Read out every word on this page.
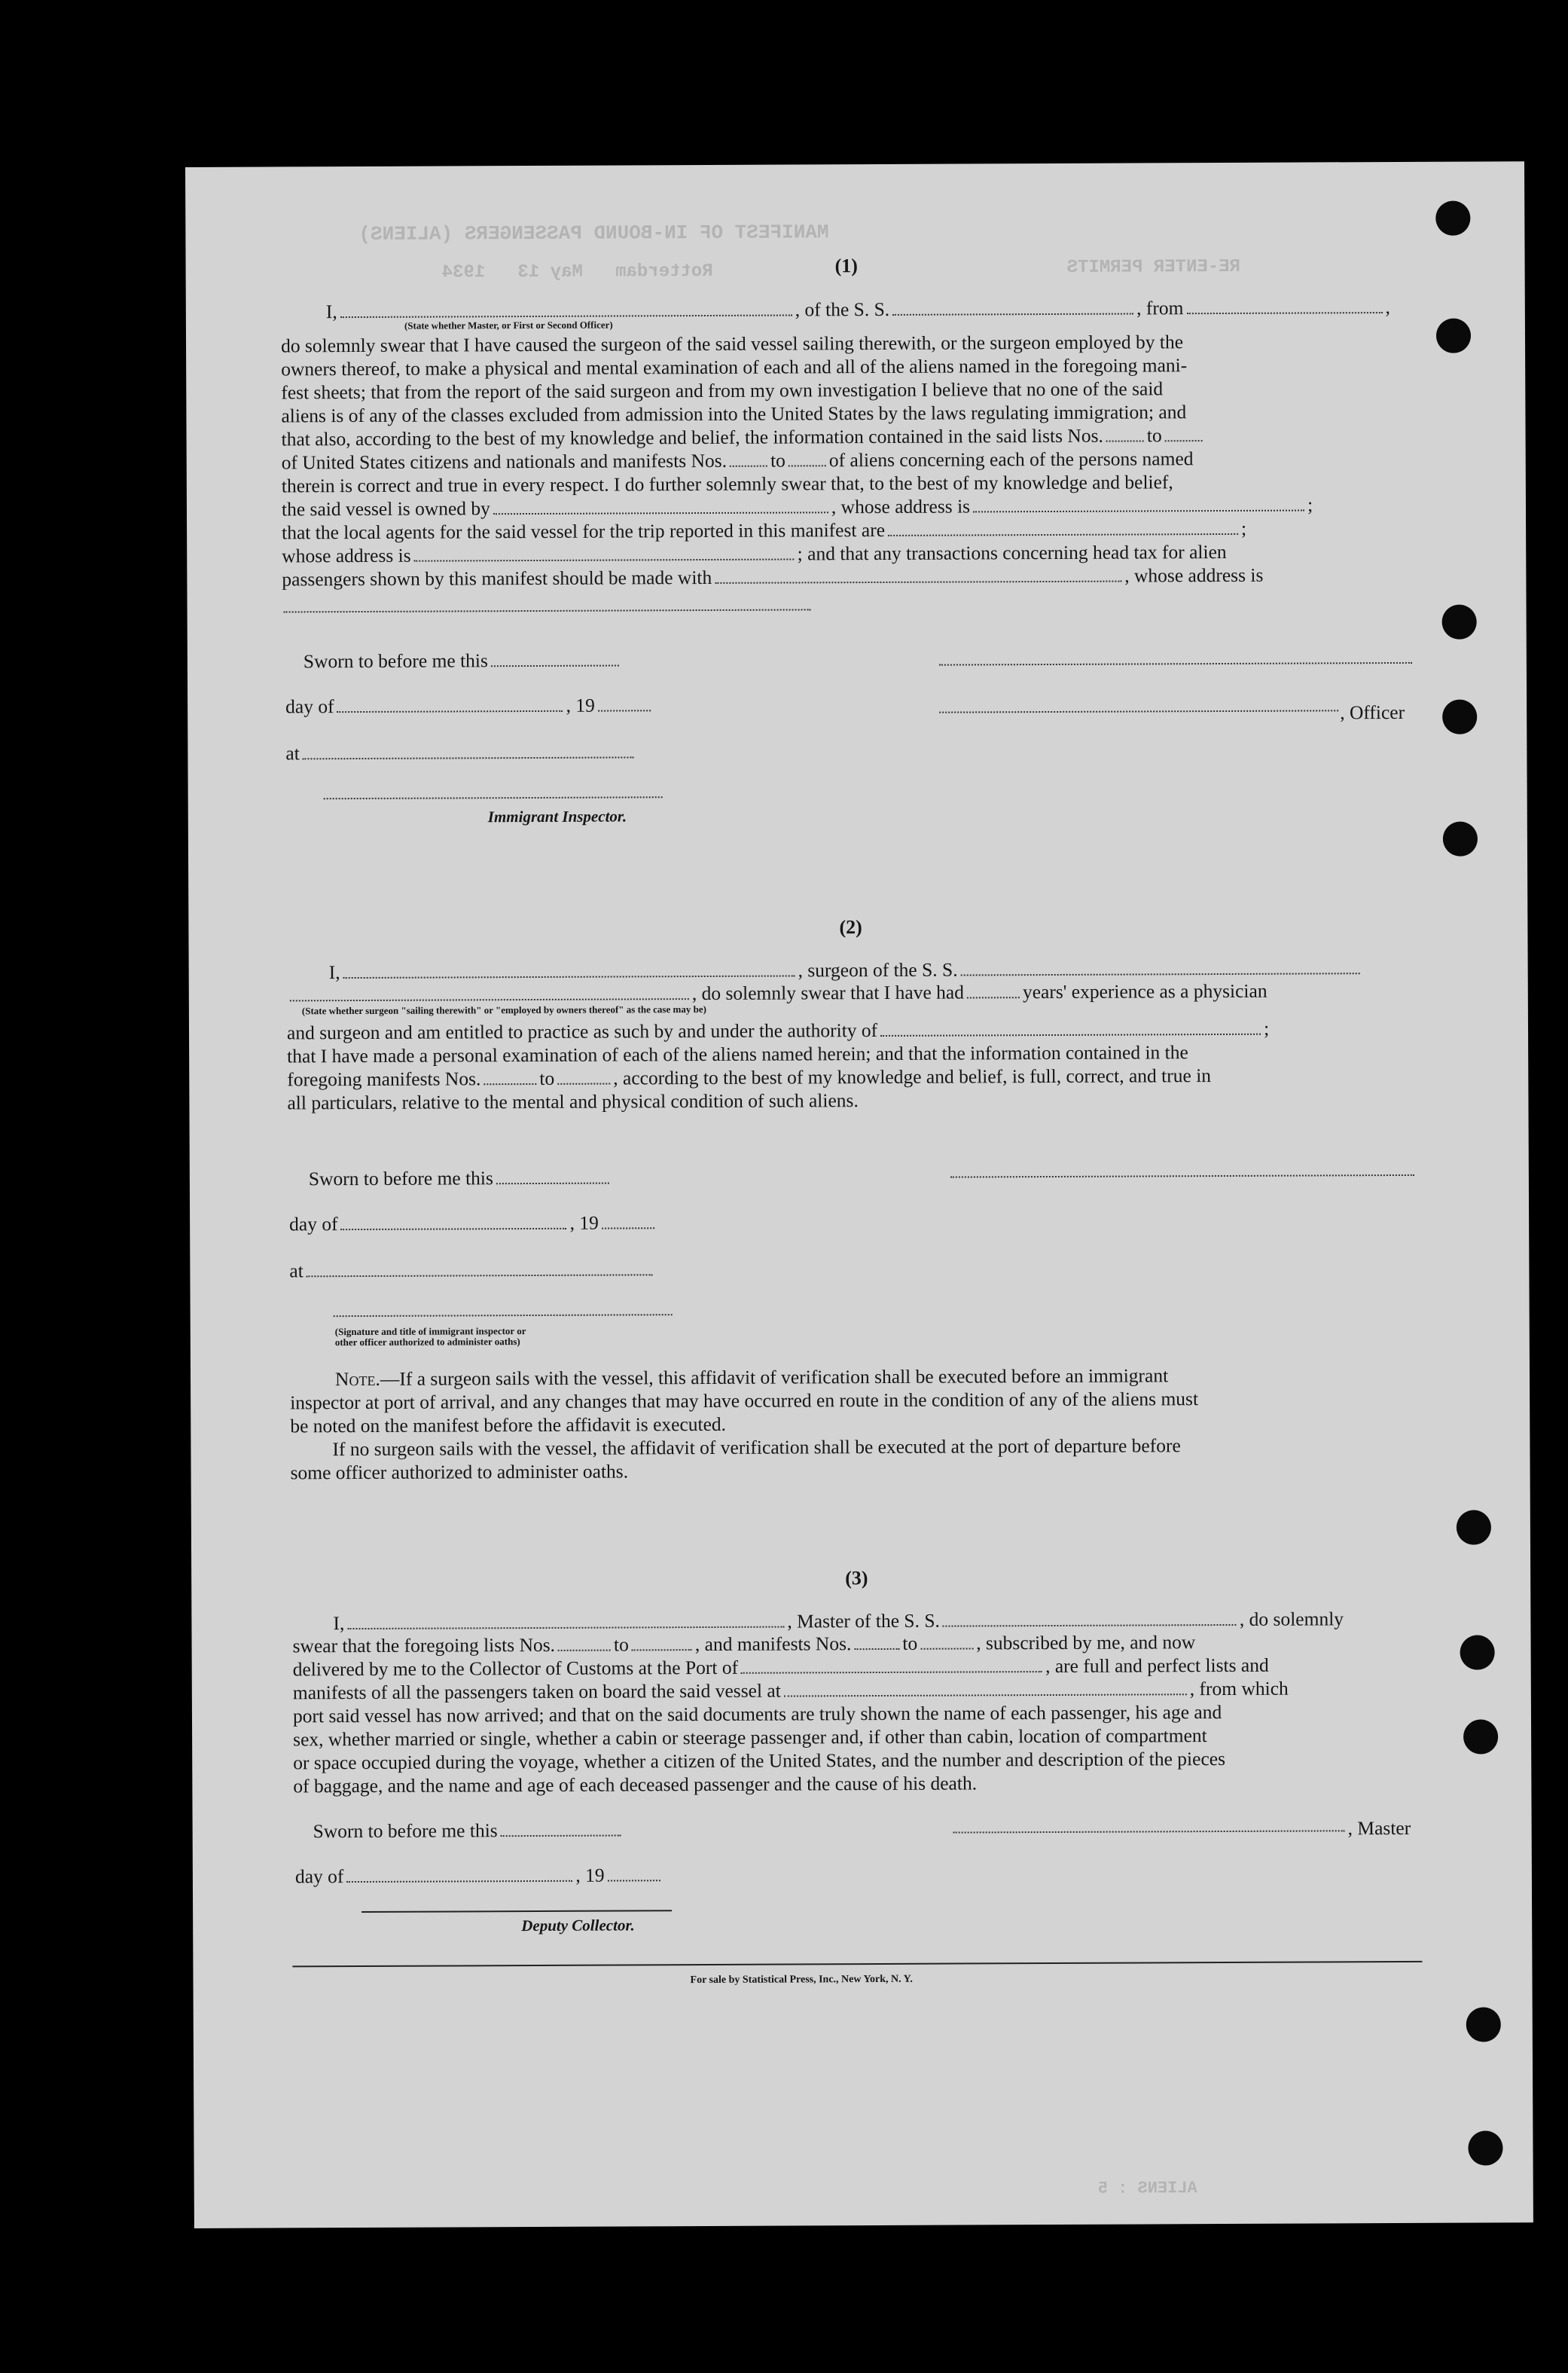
MANIFEST OF IN-BOUND PASSENGERS (ALIENS)
RE-ENTER PERMITS
Rotterdam   May 13   1934	(1)
I,	, of the S. S.	, from	,
(State whether Master, or First or Second Officer)
do solemnly swear that I have caused the surgeon of the said vessel sailing therewith, or the surgeon employed by the
owners thereof, to make a physical and mental examination of each and all of the aliens named in the foregoing mani-
fest sheets; that from the report of the said surgeon and from my own investigation I believe that no one of the said
aliens is of any of the classes excluded from admission into the United States by the laws regulating immigration; and
that also, according to the best of my knowledge and belief, the information contained in the said lists Nos. to
of United States citizens and nationals and manifests Nos. to of aliens concerning each of the persons named
therein is correct and true in every respect. I do further solemnly swear that, to the best of my knowledge and belief,
the said vessel is owned by	, whose address is	;
that the local agents for the said vessel for the trip reported in this manifest are	;
whose address is	; and that any transactions concerning head tax for alien
passengers shown by this manifest should be made with	, whose address is
Sworn to before me this
day of	, 19
at
Immigrant Inspector.
, Officer
(2)
I,	, surgeon of the S. S.
, do solemnly swear that I have had	years' experience as a physician
(State whether surgeon "sailing therewith" or "employed by owners thereof" as the case may be)
and surgeon and am entitled to practice as such by and under the authority of	;
that I have made a personal examination of each of the aliens named herein; and that the information contained in the
foregoing manifests Nos.	to	, according to the best of my knowledge and belief, is full, correct, and true in
all particulars, relative to the mental and physical condition of such aliens.
Sworn to before me this
day of	, 19
at
(Signature and title of immigrant inspector or
other officer authorized to administer oaths)
Note.—If a surgeon sails with the vessel, this affidavit of verification shall be executed before an immigrant
inspector at port of arrival, and any changes that may have occurred en route in the condition of any of the aliens must
be noted on the manifest before the affidavit is executed.
If no surgeon sails with the vessel, the affidavit of verification shall be executed at the port of departure before
some officer authorized to administer oaths.
(3)
I,	, Master of the S. S.	, do solemnly
swear that the foregoing lists Nos.	to	, and manifests Nos.	to	, subscribed by me, and now
delivered by me to the Collector of Customs at the Port of	, are full and perfect lists and
manifests of all the passengers taken on board the said vessel at	, from which
port said vessel has now arrived; and that on the said documents are truly shown the name of each passenger, his age and
sex, whether married or single, whether a cabin or steerage passenger and, if other than cabin, location of compartment
or space occupied during the voyage, whether a citizen of the United States, and the number and description of the pieces
of baggage, and the name and age of each deceased passenger and the cause of his death.
Sworn to before me this	, Master
day of	, 19
Deputy Collector.
For sale by Statistical Press, Inc., New York, N. Y.
ALIENS : 5
